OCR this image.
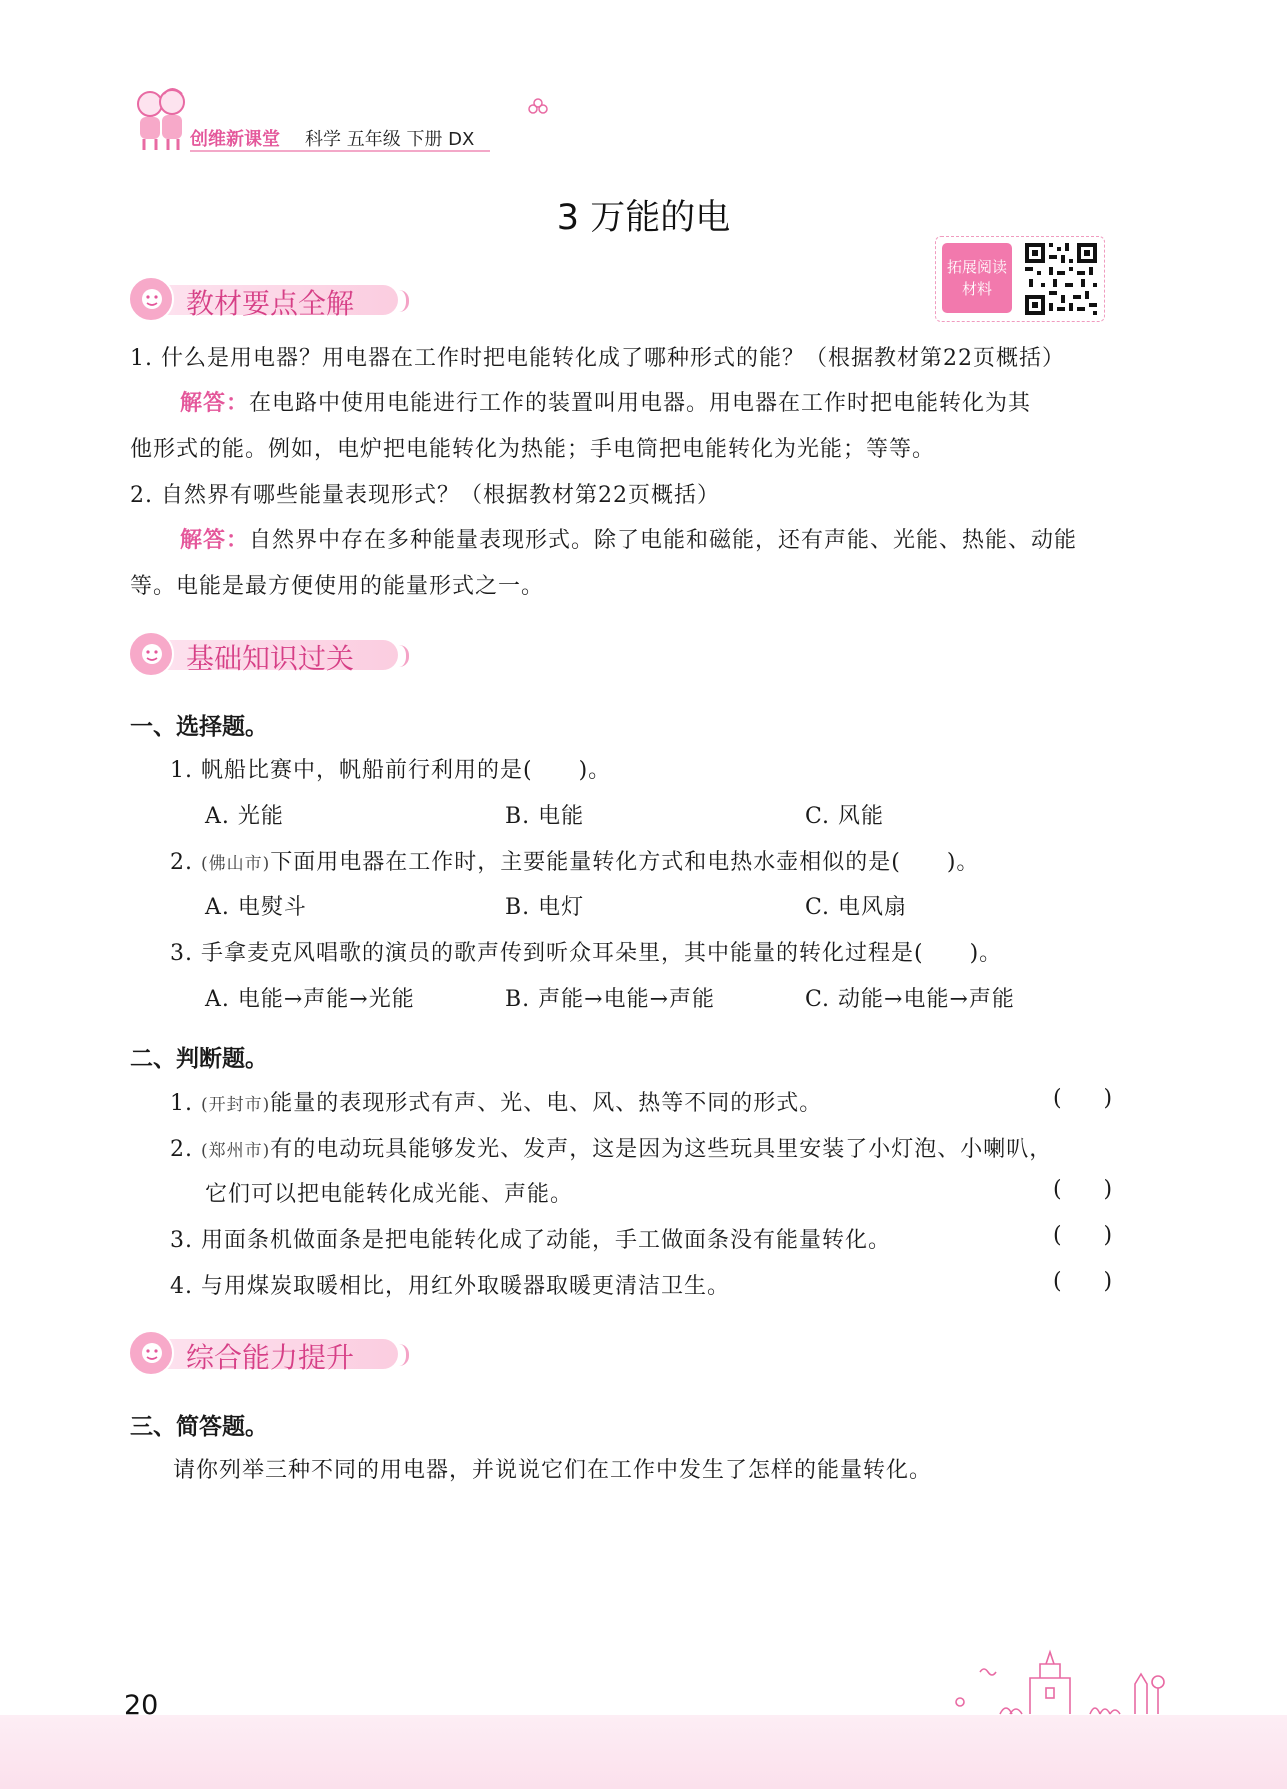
创维新课堂 科学 五年级 下册 DX
3 万能的电
拓展阅读
材料
教材要点全解
1. 什么是用电器？用电器在工作时把电能转化成了哪种形式的能？（根据教材第22页概括）
解答：在电路中使用电能进行工作的装置叫用电器。用电器在工作时把电能转化为其
他形式的能。例如，电炉把电能转化为热能；手电筒把电能转化为光能；等等。
2. 自然界有哪些能量表现形式？（根据教材第22页概括）
解答：自然界中存在多种能量表现形式。除了电能和磁能，还有声能、光能、热能、动能
等。电能是最方便使用的能量形式之一。
基础知识过关
一、选择题。
1. 帆船比赛中，帆船前行利用的是(　　)。
A. 光能	B. 电能	C. 风能
2. (佛山市)下面用电器在工作时，主要能量转化方式和电热水壶相似的是(　　)。
A. 电熨斗	B. 电灯	C. 电风扇
3. 手拿麦克风唱歌的演员的歌声传到听众耳朵里，其中能量的转化过程是(　　)。
A. 电能→声能→光能	B. 声能→电能→声能	C. 动能→电能→声能
二、判断题。
1. (开封市)能量的表现形式有声、光、电、风、热等不同的形式。	(      )
2. (郑州市)有的电动玩具能够发光、发声，这是因为这些玩具里安装了小灯泡、小喇叭，
它们可以把电能转化成光能、声能。	(      )
3. 用面条机做面条是把电能转化成了动能，手工做面条没有能量转化。	(      )
4. 与用煤炭取暖相比，用红外取暖器取暖更清洁卫生。	(      )
综合能力提升
三、简答题。
请你列举三种不同的用电器，并说说它们在工作中发生了怎样的能量转化。
20
